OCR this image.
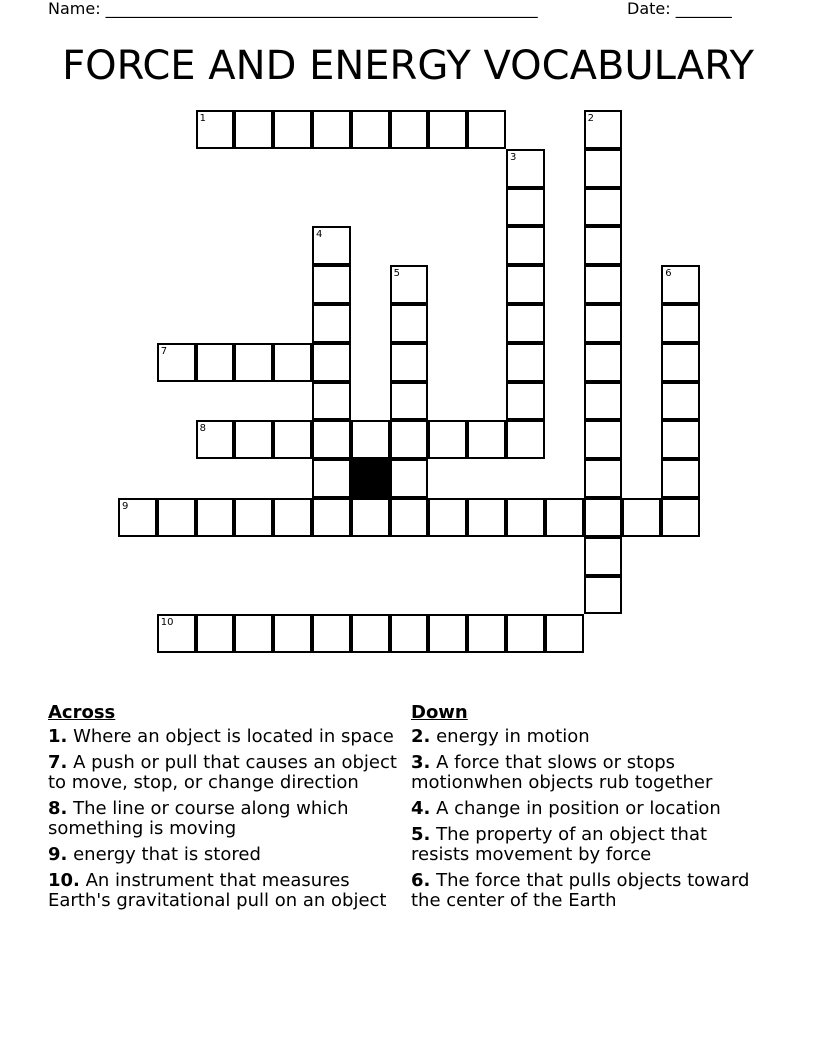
Name: ______________________________________________________	Date: _______
FORCE AND ENERGY VOCABULARY
1	2
3
4
5	6
7
8
9
10
Across
1. Where an object is located in space
7. A push or pull that causes an object to move, stop, or change direction
8. The line or course along which something is moving
9. energy that is stored
10. An instrument that measures Earth's gravitational pull on an object
Down
2. energy in motion
3. A force that slows or stops motionwhen objects rub together
4. A change in position or location
5. The property of an object that resists movement by force
6. The force that pulls objects toward the center of the Earth
